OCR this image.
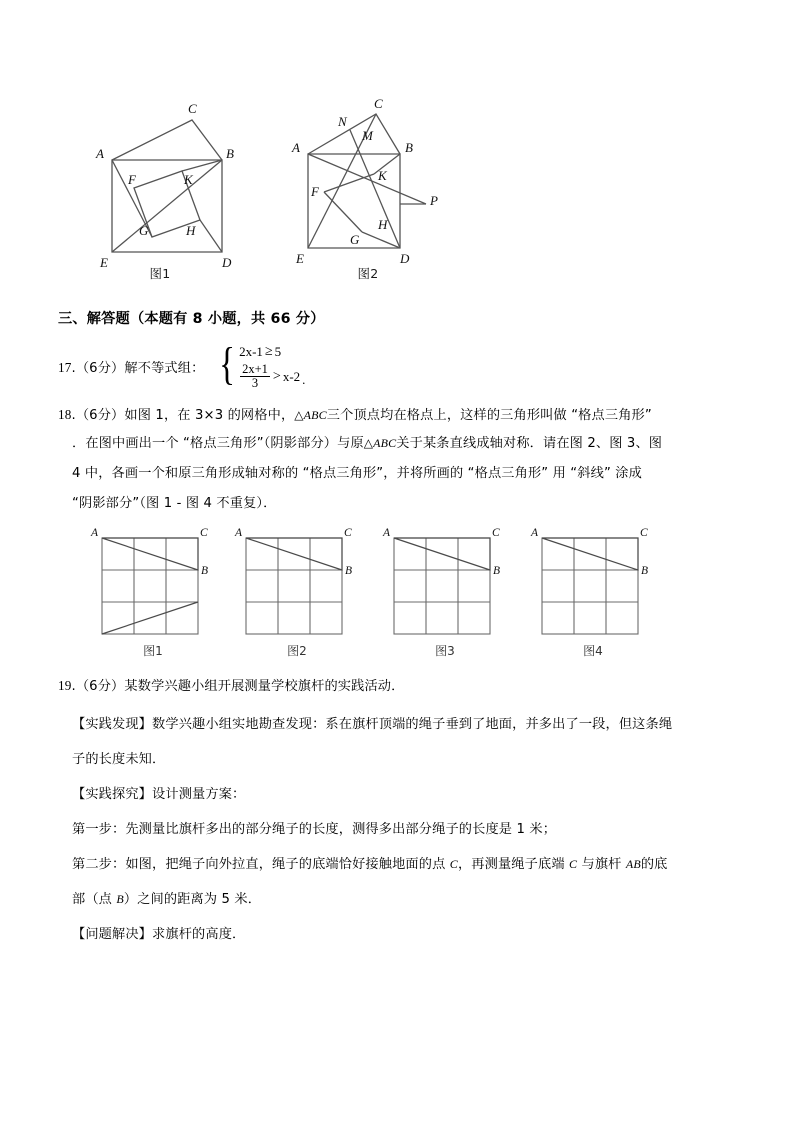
A	B
C
D
E
F
G	H
K
图1
A	B
C
D
E
F
G
H
K
M
N
P
图2
三、解答题（本题有 8 小题，共 66 分）
17.（6分）解不等式组： { 2x-1 ≥ 5
$\frac{2x+1}{3} > x-2$ .
18.（6分）如图 1，在 3×3 的网格中，△ABC三个顶点均在格点上，这样的三角形叫做 “格点三角形”
．在图中画出一个 “格点三角形”（阴影部分）与原△ABC关于某条直线成轴对称．请在图 2、图 3、图
4 中，各画一个和原三角形成轴对称的 “格点三角形”，并将所画的 “格点三角形” 用 “斜线” 涂成
“阴影部分”（图 1 - 图 4 不重复）．
A
B
C
图1
A
B
C
图2
A
B
C
图3
A
B
C
图4
19.（6分）某数学兴趣小组开展测量学校旗杆的实践活动．
【实践发现】数学兴趣小组实地勘查发现：系在旗杆顶端的绳子垂到了地面，并多出了一段，但这条绳
子的长度未知．
【实践探究】设计测量方案：
第一步：先测量比旗杆多出的部分绳子的长度，测得多出部分绳子的长度是 1 米；
第二步：如图，把绳子向外拉直，绳子的底端恰好接触地面的点 C，再测量绳子底端 C 与旗杆 AB的底
部（点 B）之间的距离为 5 米．
【问题解决】求旗杆的高度．
